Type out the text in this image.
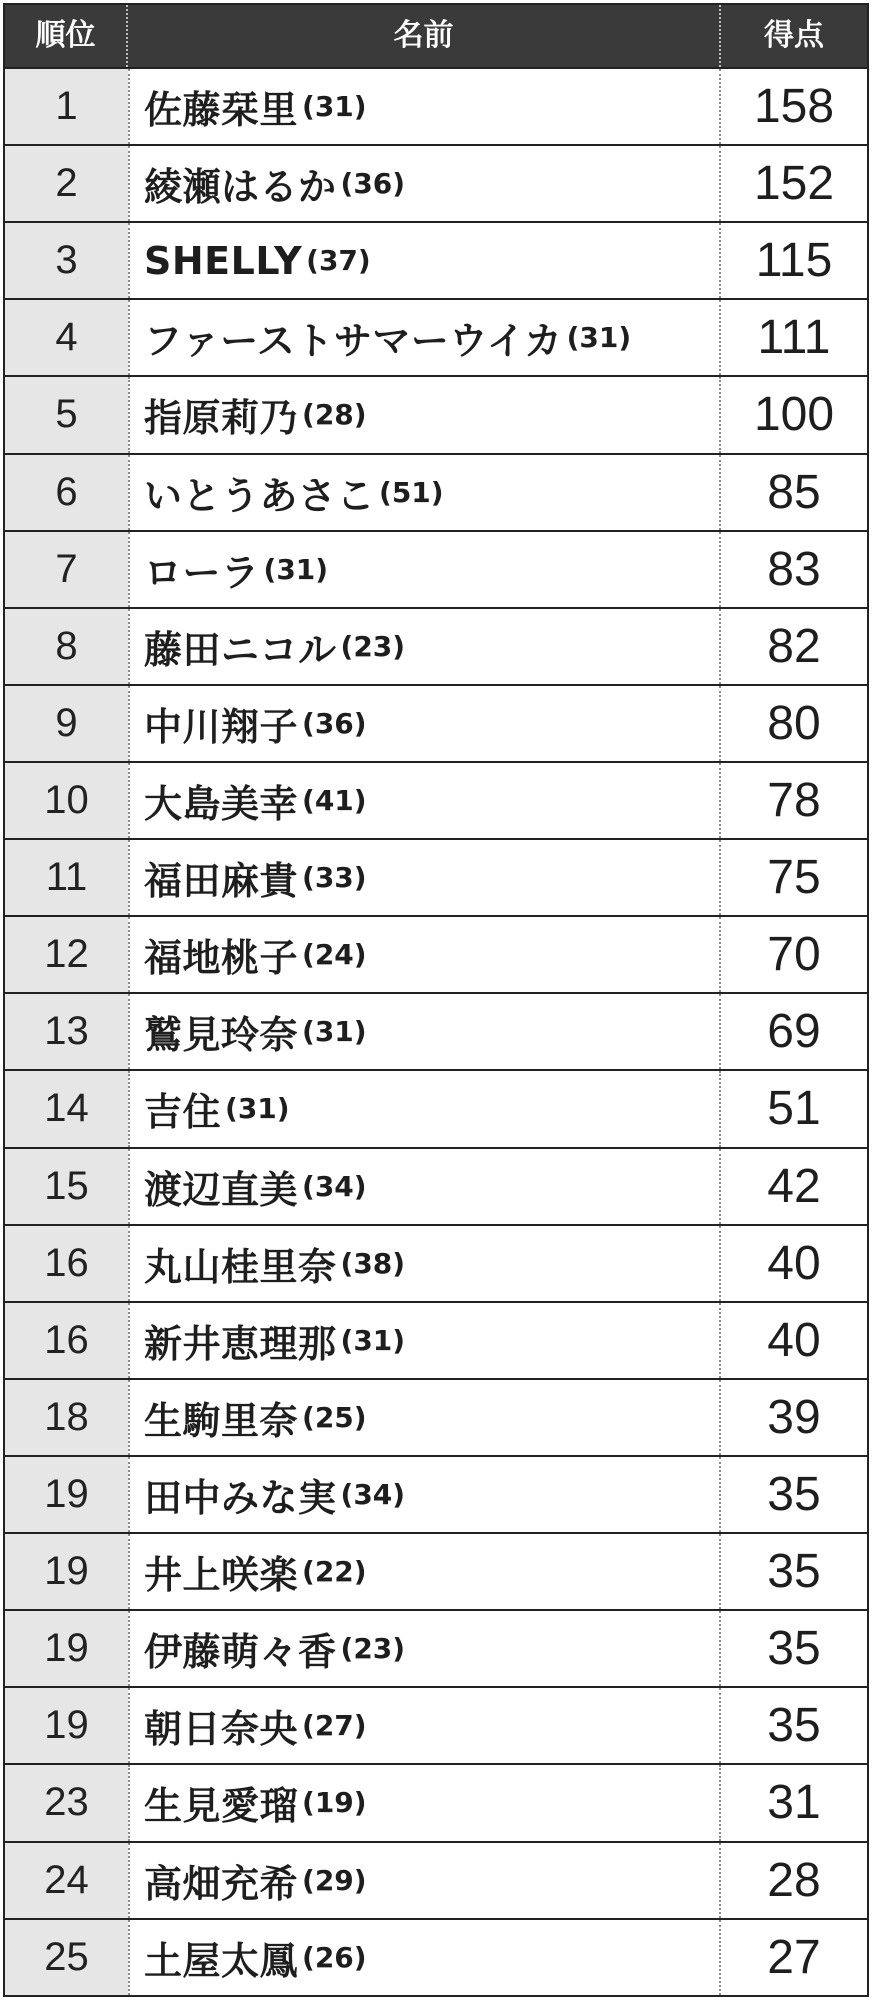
順位	名前	得点
1	佐藤栞里 (31)	158
2	綾瀬はるか (36)	152
3	SHELLY (37)	115
4	ファーストサマーウイカ (31)	111
5	指原莉乃 (28)	100
6	いとうあさこ (51)	85
7	ローラ (31)	83
8	藤田ニコル (23)	82
9	中川翔子 (36)	80
10	大島美幸 (41)	78
11	福田麻貴 (33)	75
12	福地桃子 (24)	70
13	鷲見玲奈 (31)	69
14	吉住 (31)	51
15	渡辺直美 (34)	42
16	丸山桂里奈 (38)	40
16	新井恵理那 (31)	40
18	生駒里奈 (25)	39
19	田中みな実 (34)	35
19	井上咲楽 (22)	35
19	伊藤萌々香 (23)	35
19	朝日奈央 (27)	35
23	生見愛瑠 (19)	31
24	高畑充希 (29)	28
25	土屋太鳳 (26)	27
